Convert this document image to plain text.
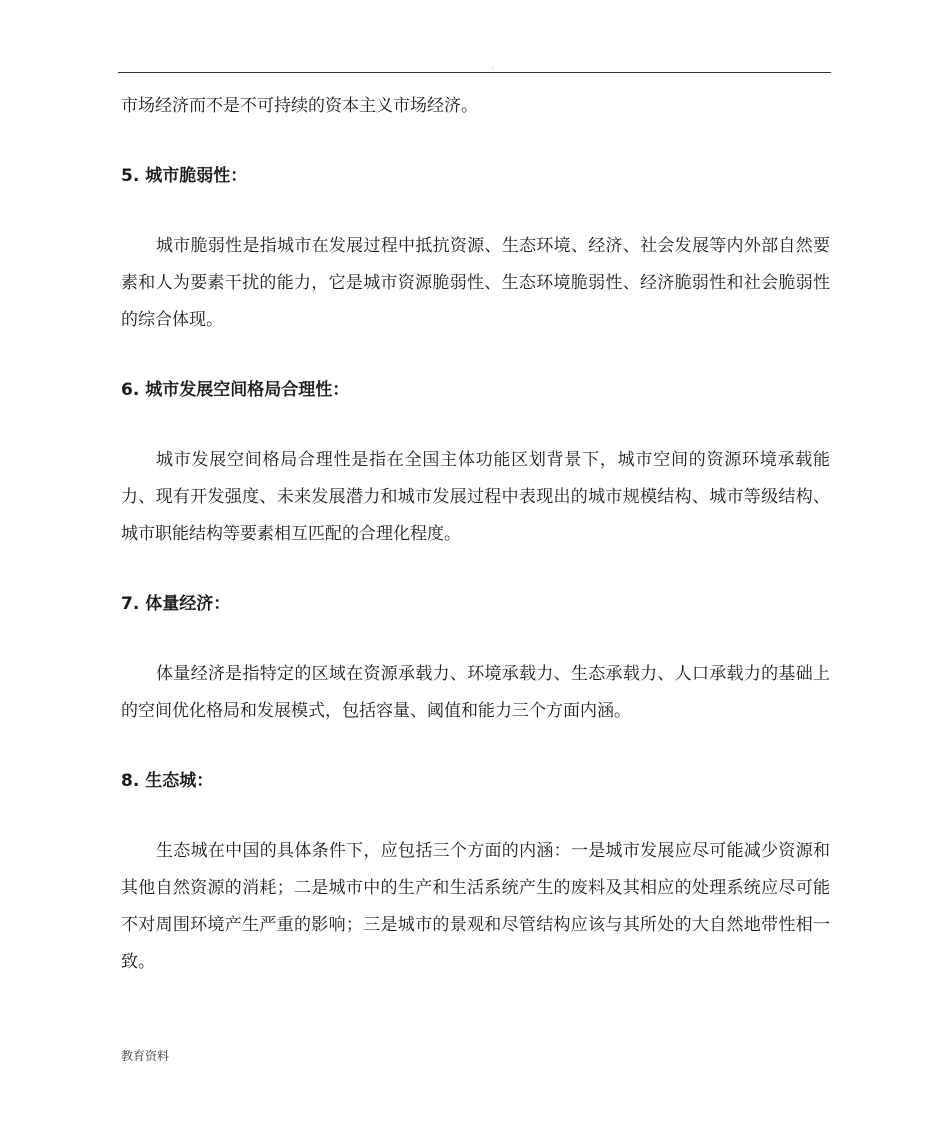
.

市场经济而不是不可持续的资本主义市场经济。

5. 城市脆弱性：

城市脆弱性是指城市在发展过程中抵抗资源、生态环境、经济、社会发展等内外部自然要素和人为要素干扰的能力，它是城市资源脆弱性、生态环境脆弱性、经济脆弱性和社会脆弱性的综合体现。

6. 城市发展空间格局合理性：

城市发展空间格局合理性是指在全国主体功能区划背景下，城市空间的资源环境承载能力、现有开发强度、未来发展潜力和城市发展过程中表现出的城市规模结构、城市等级结构、城市职能结构等要素相互匹配的合理化程度。

7. 体量经济：

体量经济是指特定的区域在资源承载力、环境承载力、生态承载力、人口承载力的基础上的空间优化格局和发展模式，包括容量、阈值和能力三个方面内涵。

8. 生态城：

生态城在中国的具体条件下，应包括三个方面的内涵：一是城市发展应尽可能减少资源和其他自然资源的消耗；二是城市中的生产和生活系统产生的废料及其相应的处理系统应尽可能不对周围环境产生严重的影响；三是城市的景观和尽管结构应该与其所处的大自然地带性相一致。

教育资料
